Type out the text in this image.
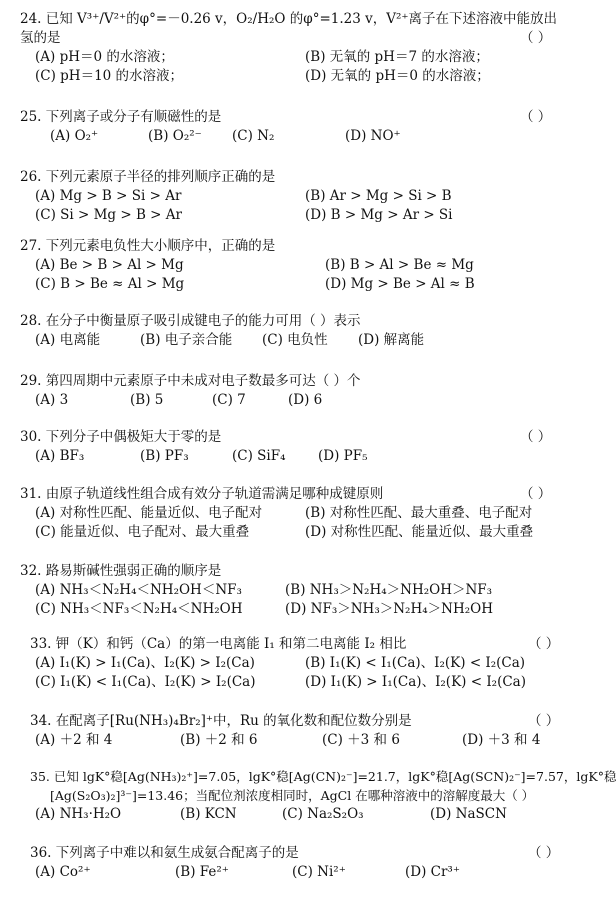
24. 已知 V³⁺/V²⁺的φ°=－0.26 v，O₂/H₂O 的φ°=1.23 v，V²⁺离子在下述溶液中能放出
氢的是	（ ）
(A) pH＝0 的水溶液；	(B) 无氧的 pH＝7 的水溶液；
(C) pH＝10 的水溶液；	(D) 无氧的 pH＝0 的水溶液；
25. 下列离子或分子有顺磁性的是	（ ）
(A) O₂⁺	(B) O₂²⁻ (C) N₂	(D) NO⁺
26. 下列元素原子半径的排列顺序正确的是
(A) Mg > B > Si > Ar	(B) Ar > Mg > Si > B
(C) Si > Mg > B > Ar	(D) B > Mg > Ar > Si
27. 下列元素电负性大小顺序中，正确的是
(A) Be > B > Al > Mg	(B) B > Al > Be ≈ Mg
(C) B > Be ≈ Al > Mg	(D) Mg > Be > Al ≈ B
28. 在分子中衡量原子吸引成键电子的能力可用（ ）表示
(A) 电离能	(B) 电子亲合能 (C) 电负性 (D) 解离能
29. 第四周期中元素原子中未成对电子数最多可达（ ）个
(A) 3	(B) 5	(C) 7	(D) 6
30. 下列分子中偶极矩大于零的是	（ ）
(A) BF₃	(B) PF₃	(C) SiF₄ (D) PF₅
31. 由原子轨道线性组合成有效分子轨道需满足哪种成键原则	（ ）
(A) 对称性匹配、能量近似、电子配对	(B) 对称性匹配、最大重叠、电子配对
(C) 能量近似、电子配对、最大重叠	(D) 对称性匹配、能量近似、最大重叠
32. 路易斯碱性强弱正确的顺序是
(A) NH₃＜N₂H₄＜NH₂OH＜NF₃	(B) NH₃＞N₂H₄＞NH₂OH＞NF₃
(C) NH₃＜NF₃＜N₂H₄＜NH₂OH	(D) NF₃＞NH₃＞N₂H₄＞NH₂OH
33. 钾（K）和钙（Ca）的第一电离能 I₁ 和第二电离能 I₂ 相比	（ ）
(A) I₁(K) > I₁(Ca)、I₂(K) > I₂(Ca)	(B) I₁(K) < I₁(Ca)、I₂(K) < I₂(Ca)
(C) I₁(K) < I₁(Ca)、I₂(K) > I₂(Ca)	(D) I₁(K) > I₁(Ca)、I₂(K) < I₂(Ca)
34. 在配离子[Ru(NH₃)₄Br₂]⁺中，Ru 的氧化数和配位数分别是	（ ）
(A) ＋2 和 4	(B) ＋2 和 6	(C) ＋3 和 6	(D) ＋3 和 4
35. 已知 lgK°稳[Ag(NH₃)₂⁺]=7.05，lgK°稳[Ag(CN)₂⁻]=21.7，lgK°稳[Ag(SCN)₂⁻]=7.57，lgK°稳
[Ag(S₂O₃)₂]³⁻]=13.46；当配位剂浓度相同时，AgCl 在哪种溶液中的溶解度最大（ ）
(A) NH₃·H₂O	(B) KCN	(C) Na₂S₂O₃	(D) NaSCN
36. 下列离子中难以和氨生成氨合配离子的是	（ ）
(A) Co²⁺	(B) Fe²⁺	(C) Ni²⁺	(D) Cr³⁺
